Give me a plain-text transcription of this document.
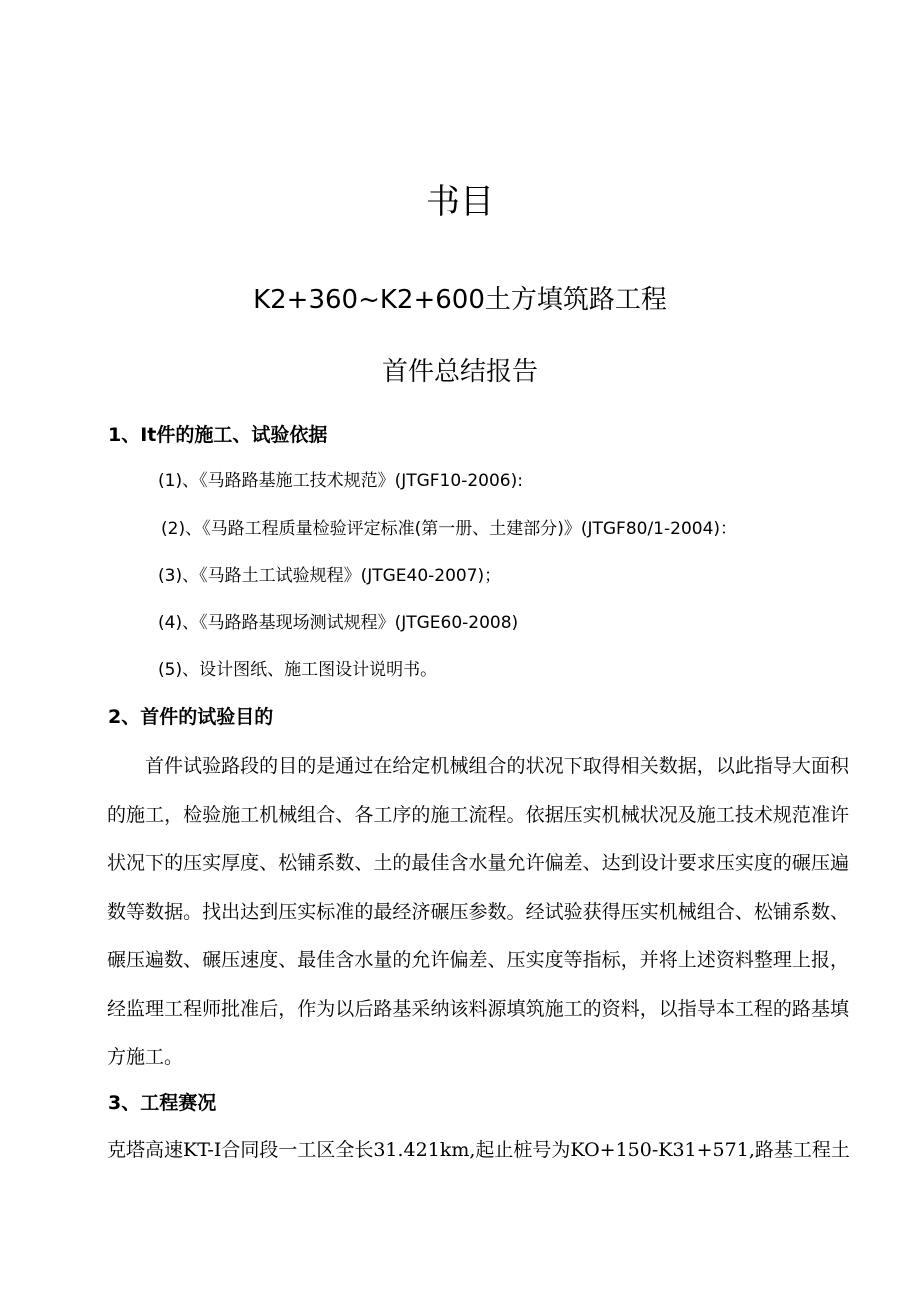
书目
K2+360~K2+600土方填筑路工程
首件总结报告
1、It件的施工、试验依据
(1)、《马路路基施工技术规范》(JTGF10-2006):
(2)、《马路工程质量检验评定标准(第一册、土建部分)》(JTGF80/1-2004)：
(3)、《马路土工试验规程》(JTGE40-2007)；
(4)、《马路路基现场测试规程》(JTGE60-2008)
(5)、设计图纸、施工图设计说明书。
2、首件的试验目的
首件试验路段的目的是通过在给定机械组合的状况下取得相关数据，以此指导大面积的施工，检验施工机械组合、各工序的施工流程。依据压实机械状况及施工技术规范准许状况下的压实厚度、松铺系数、土的最佳含水量允许偏差、达到设计要求压实度的碾压遍数等数据。找出达到压实标准的最经济碾压参数。经试验获得压实机械组合、松铺系数、碾压遍数、碾压速度、最佳含水量的允许偏差、压实度等指标，并将上述资料整理上报，经监理工程师批准后，作为以后路基采纳该料源填筑施工的资料，以指导本工程的路基填方施工。
3、工程赛况
克塔高速KT-I合同段一工区全长31.421km,起止桩号为KO+150-K31+571,路基工程土
